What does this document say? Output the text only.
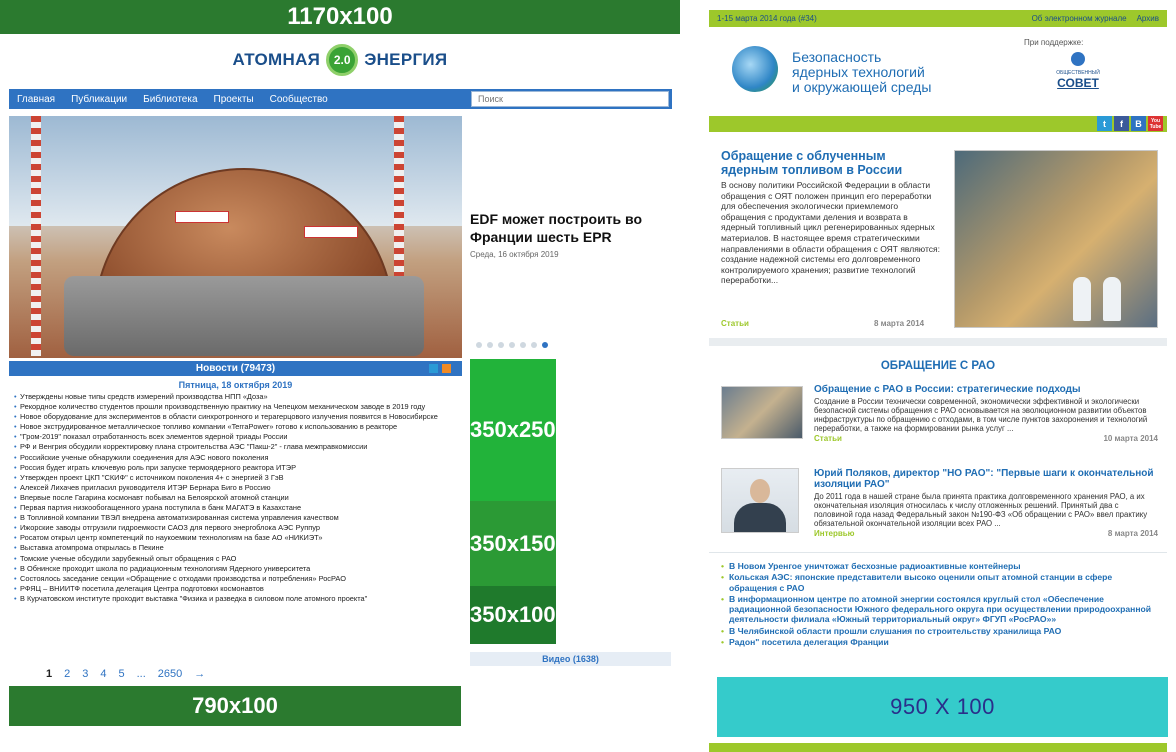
1170x100
АТОМНАЯ	2.0 ЭНЕРГИЯ
Главная Публикации Библиотека Проекты Сообщество
Поиск
EDF может построить во Франции шесть EPR
Среда, 16 октября 2019
Новости (79473)
Пятница, 18 октября 2019
• Утверждены новые типы средств измерений производства НПП «Доза»
• Рекордное количество студентов прошли производственную практику на Чепецком механическом заводе в 2019 году
• Новое оборудование для экспериментов в области синхротронного и терагерцового излучения появится в Новосибирске
• Новое экструдированное металлическое топливо компании «TerraPower» готово к использованию в реакторе
• "Гром-2019" показал отработанность всех элементов ядерной триады России
• РФ и Венгрия обсудили корректировку плана строительства АЭС "Пакш-2" - глава межправкомиссии
• Российские ученые обнаружили соединения для АЭС нового поколения
• Россия будет играть ключевую роль при запуске термоядерного реактора ИТЭР
• Утвержден проект ЦКП "СКИФ" с источником поколения 4+ с энергией 3 ГэВ
• Алексей Лихачев пригласил руководителя ИТЭР Бернара Биго в Россию
• Впервые после Гагарина космонавт побывал на Белоярской атомной станции
• Первая партия низкообогащенного урана поступила в банк МАГАТЭ в Казахстане
• В Топливной компании ТВЭЛ внедрена автоматизированная система управления качеством
• Ижорские заводы отгрузили гидроемкости САОЗ для первого энергоблока АЭС Руппур
• Росатом открыл центр компетенций по наукоемким технологиям на базе АО «НИКИЭТ»
• Выставка атомпрома открылась в Пекине
• Томские ученые обсудили зарубежный опыт обращения с РАО
• В Обнинске проходит школа по радиационным технологиям Ядерного университета
• Состоялось заседание секции «Обращение с отходами производства и потребления» РосРАО
• РФЯЦ – ВНИИТФ посетила делегация Центра подготовки космонавтов
• В Курчатовском институте проходит выставка "Физика и разведка в силовом поле атомного проекта"
1 2 3 4 5 ... 2650 →
790x100
350x250
350x150
350x100
Видео (1638)
1-15 марта 2014 года (#34)	Об электронном журнале Архив
Безопасность
ядерных технологий
и окружающей среды
При поддержке:
ОБЩЕСТВЕННЫЙ
СОВЕТ
t	f	B	You Tube
Обращение с облученным ядерным топливом в России
В основу политики Российской Федерации в области обращения с ОЯТ положен принцип его переработки для обеспечения экологически приемлемого обращения с продуктами деления и возврата в ядерный топливный цикл регенерированных ядерных материалов. В настоящее время стратегическими направлениями в области обращения с ОЯТ являются: создание надежной системы его долговременного контролируемого хранения; развитие технологий переработки...
Статьи	8 марта 2014
ОБРАЩЕНИЕ С РАО
Обращение с РАО в России: стратегические подходы
Создание в России технически современной, экономически эффективной и экологически безопасной системы обращения с РАО основывается на эволюционном развитии объектов инфраструктуры по обращению с отходами, в том числе пунктов захоронения и технологий переработки, а также на формировании рынка услуг ...
Статьи	10 марта 2014
Юрий Поляков, директор "НО РАО": "Первые шаги к окончательной изоляции РАО"
До 2011 года в нашей стране была принята практика долговременного хранения РАО, а их окончательная изоляция относилась к числу отложенных решений. Принятый два с половиной года назад Федеральный закон №190-ФЗ «Об обращении с РАО» ввел практику обязательной окончательной изоляции всех РАО ...
Интервью	8 марта 2014
• В Новом Уренгое уничтожат бесхозные радиоактивные контейнеры
• Кольская АЭС: японские представители высоко оценили опыт атомной станции в сфере обращения с РАО
• В информационном центре по атомной энергии состоялся круглый стол «Обеспечение радиационной безопасности Южного федерального округа при осуществлении природоохранной деятельности филиала «Южный территориальный округ» ФГУП «РосРАО»»
• В Челябинской области прошли слушания по строительству хранилища РАО
• Радон" посетила делегация Франции
950 X 100
